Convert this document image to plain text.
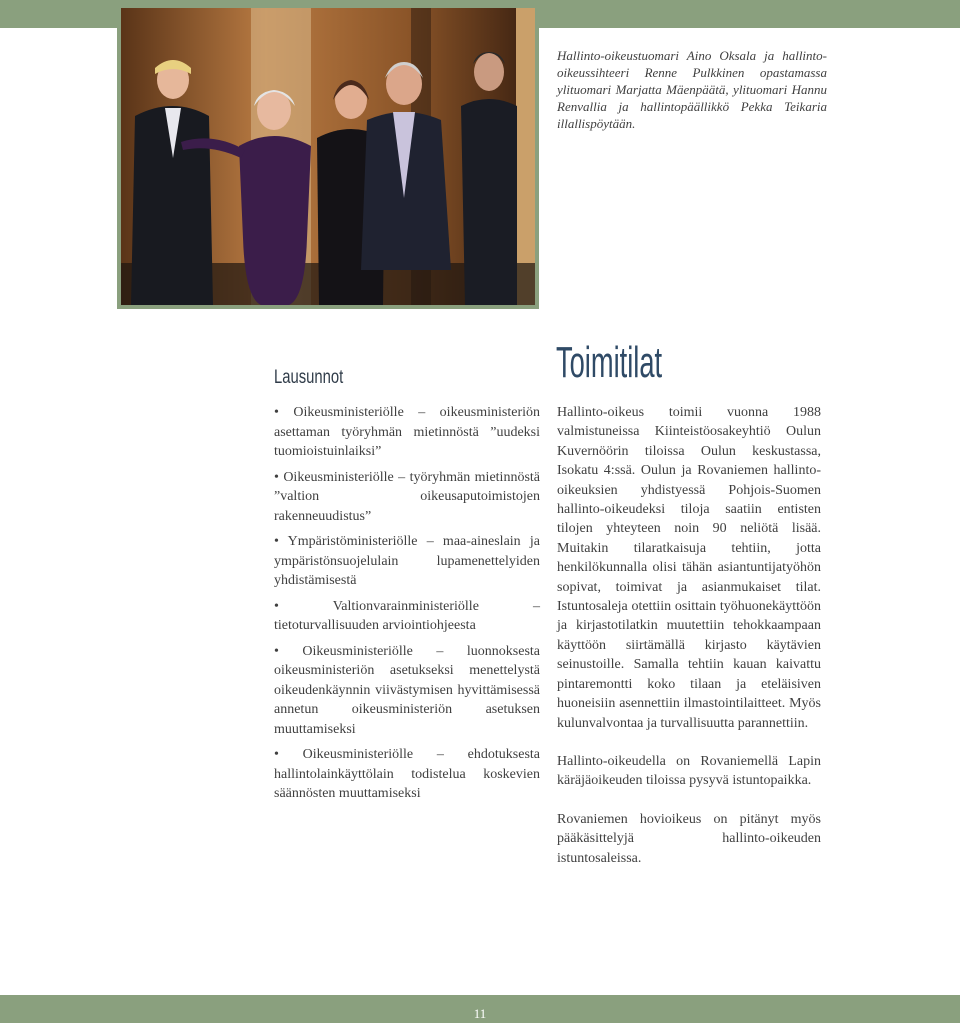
Hallinto-oikeustuomari Aino Oksala ja hallinto-oikeussihteeri Renne Pulkkinen opastamassa ylituomari Marjatta Mäenpäätä, ylituomari Hannu Renvallia ja hallintopäällikkö Pekka Teikaria illallispöytään.

Lausunnot
• Oikeusministeriölle – oikeusministeriön asettaman työryhmän mietinnöstä ”uudeksi tuomioistuinlaiksi”
• Oikeusministeriölle – työryhmän mietinnöstä ”valtion oikeusaputoimistojen rakenneuudistus”
• Ympäristöministeriölle – maa-aineslain ja ympäristönsuojelulain lupamenettelyiden yhdistämisestä
• Valtionvarainministeriölle – tietoturvallisuuden arviointiohjeesta
• Oikeusministeriölle – luonnoksesta oikeusministeriön asetukseksi menettelystä oikeudenkäynnin viivästymisen hyvittämisessä annetun oikeusministeriön asetuksen muuttamiseksi
• Oikeusministeriölle – ehdotuksesta hallintolainkäyttölain todistelua koskevien säännösten muuttamiseksi
Toimitilat

Hallinto-oikeus toimii vuonna 1988 valmistuneissa Kiinteistöosakeyhtiö Oulun Kuvernöörin tiloissa Oulun keskustassa, Isokatu 4:ssä. Oulun ja Rovaniemen hallinto-oikeuksien yhdistyessä Pohjois-Suomen hallinto-oikeudeksi tiloja saatiin entisten tilojen yhteyteen noin 90 neliötä lisää. Muitakin tilaratkaisuja tehtiin, jotta henkilökunnalla olisi tähän asiantuntijatyöhön sopivat, toimivat ja asianmukaiset tilat. Istuntosaleja otettiin osittain työhuonekäyttöön ja kirjastotilatkin muutettiin tehokkaampaan käyttöön siirtämällä kirjasto käytävien seinustoille. Samalla tehtiin kauan kaivattu pintaremontti koko tilaan ja eteläisiven huoneisiin asennettiin ilmastointilaitteet. Myös kulunvalvontaa ja turvallisuutta parannettiin.

Hallinto-oikeudella on Rovaniemellä Lapin käräjäoikeuden tiloissa pysyvä istuntopaikka.

Rovaniemen hovioikeus on pitänyt myös pääkäsittelyjä hallinto-oikeuden istuntosaleissa.

11
